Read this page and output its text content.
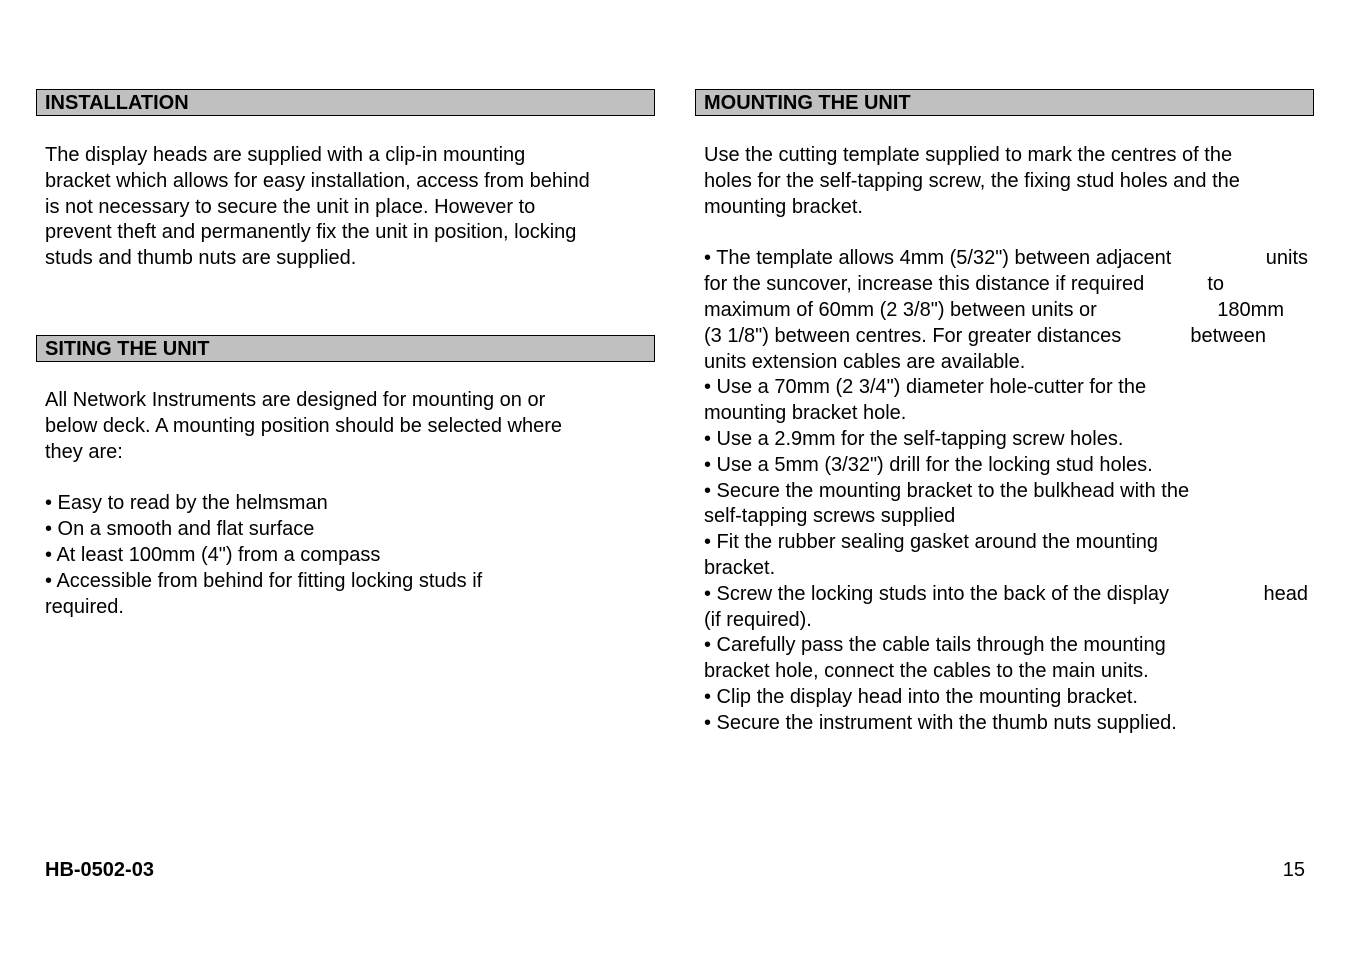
INSTALLATION
The display heads are supplied with a clip-in mounting
bracket which allows for easy installation, access from behind
is not necessary to secure the unit in place. However to
prevent theft and permanently fix the unit in position, locking
studs and thumb nuts are supplied.
SITING THE UNIT
All Network Instruments are designed for mounting on or
below deck. A mounting position should be selected where
they are:
• Easy to read by the helmsman
• On a smooth and flat surface
• At least 100mm (4") from a compass
• Accessible from behind for fitting locking studs if
required.
MOUNTING THE UNIT
Use the cutting template supplied to mark the centres of the
holes for the self-tapping screw, the fixing stud holes and the
mounting bracket.
• The template allows 4mm (5/32") between adjacent	units
for the suncover, increase this distance if required	to
maximum of 60mm (2 3/8") between units or	180mm
(3 1/8") between centres. For greater distances	between
units extension cables are available.
• Use a 70mm (2 3/4") diameter hole-cutter for the
mounting bracket hole.
• Use a 2.9mm for the self-tapping screw holes.
• Use a 5mm (3/32") drill for the locking stud holes.
• Secure the mounting bracket to the bulkhead with the
self-tapping screws supplied
• Fit the rubber sealing gasket around the mounting
bracket.
• Screw the locking studs into the back of the display	head
(if required).
• Carefully pass the cable tails through the mounting
bracket hole, connect the cables to the main units.
• Clip the display head into the mounting bracket.
• Secure the instrument with the thumb nuts supplied.
HB-0502-03	15
